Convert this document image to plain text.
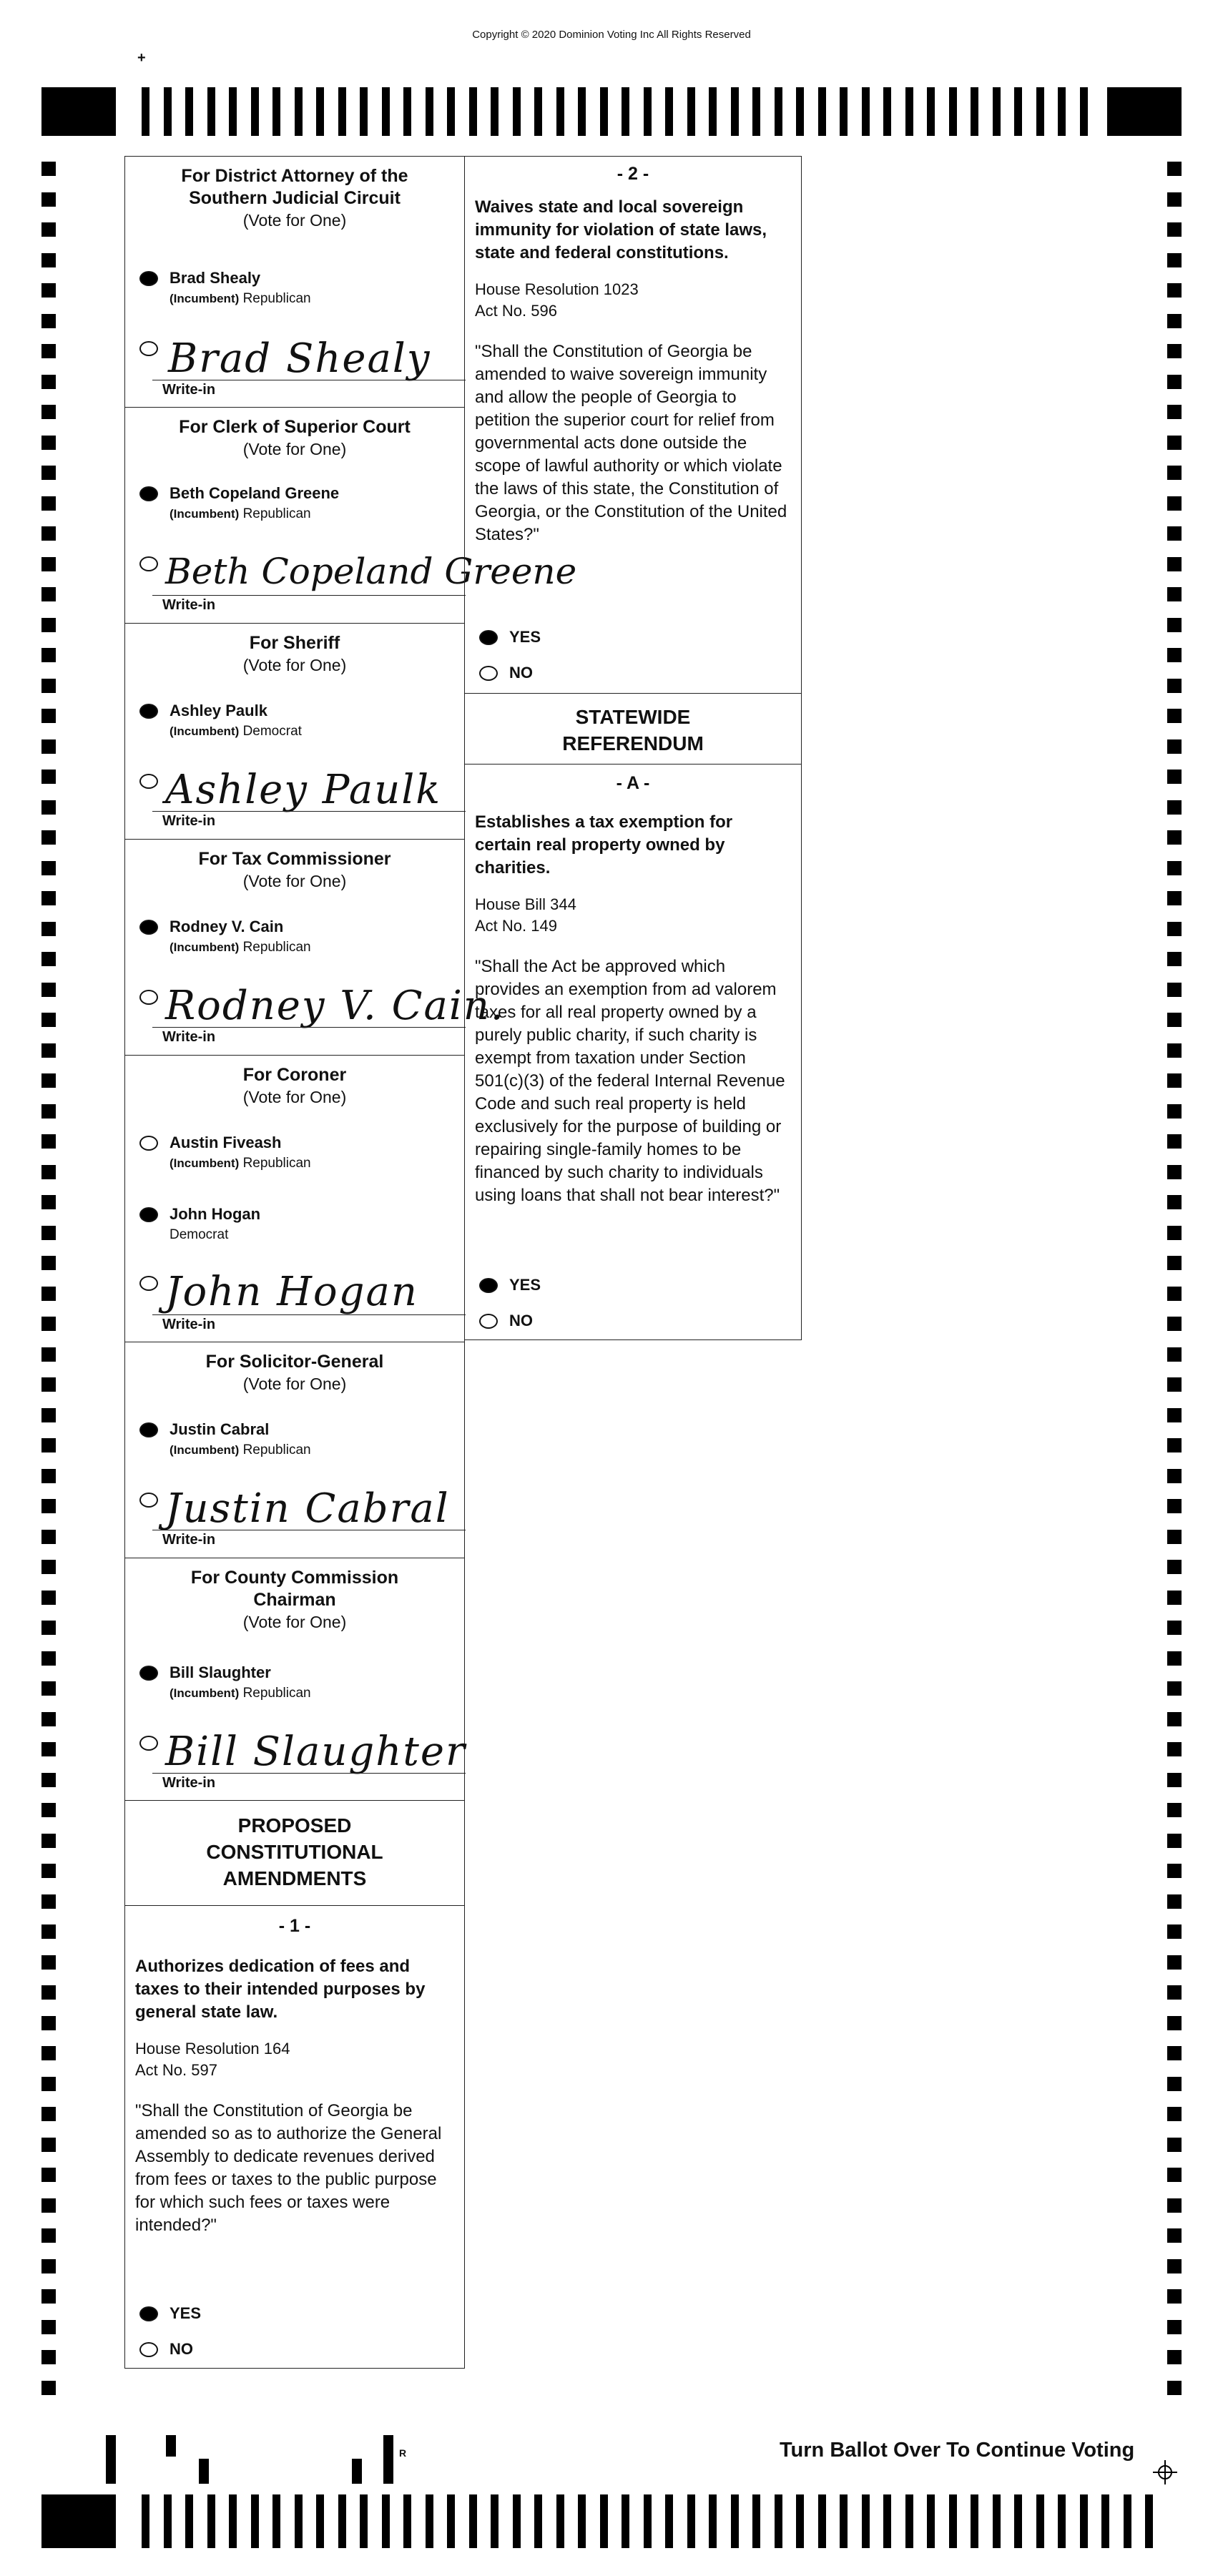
Copyright © 2020 Dominion Voting Inc All Rights Reserved
+
For District Attorney of the
Southern Judicial Circuit
(Vote for One)
Brad Shealy
(Incumbent) Republican
Brad Shealy
Write-in
For Clerk of Superior Court
(Vote for One)
Beth Copeland Greene
(Incumbent) Republican
Beth Copeland Greene
Write-in
For Sheriff
(Vote for One)
Ashley Paulk
(Incumbent) Democrat
Ashley Paulk
Write-in
For Tax Commissioner
(Vote for One)
Rodney V. Cain
(Incumbent) Republican
Rodney V. Cain.
Write-in
For Coroner
(Vote for One)
Austin Fiveash
(Incumbent) Republican
John Hogan
Democrat
John Hogan
Write-in
For Solicitor-General
(Vote for One)
Justin Cabral
(Incumbent) Republican
Justin Cabral
Write-in
For County Commission
Chairman
(Vote for One)
Bill Slaughter
(Incumbent) Republican
Bill Slaughter
Write-in
PROPOSED
CONSTITUTIONAL
AMENDMENTS
- 1 -
Authorizes dedication of fees and
taxes to their intended purposes by
general state law.
House Resolution 164
Act No. 597
"Shall the Constitution of Georgia be
amended so as to authorize the General
Assembly to dedicate revenues derived
from fees or taxes to the public purpose
for which such fees or taxes were
intended?"
YES
NO
- 2 -
Waives state and local sovereign
immunity for violation of state laws,
state and federal constitutions.
House Resolution 1023
Act No. 596
"Shall the Constitution of Georgia be
amended to waive sovereign immunity
and allow the people of Georgia to
petition the superior court for relief from
governmental acts done outside the
scope of lawful authority or which violate
the laws of this state, the Constitution of
Georgia, or the Constitution of the United
States?"
YES
NO
STATEWIDE
REFERENDUM
- A -
Establishes a tax exemption for
certain real property owned by
charities.
House Bill 344
Act No. 149
"Shall the Act be approved which
provides an exemption from ad valorem
taxes for all real property owned by a
purely public charity, if such charity is
exempt from taxation under Section
501(c)(3) of the federal Internal Revenue
Code and such real property is held
exclusively for the purpose of building or
repairing single-family homes to be
financed by such charity to individuals
using loans that shall not bear interest?"
YES
NO
Turn Ballot Over To Continue Voting
R
